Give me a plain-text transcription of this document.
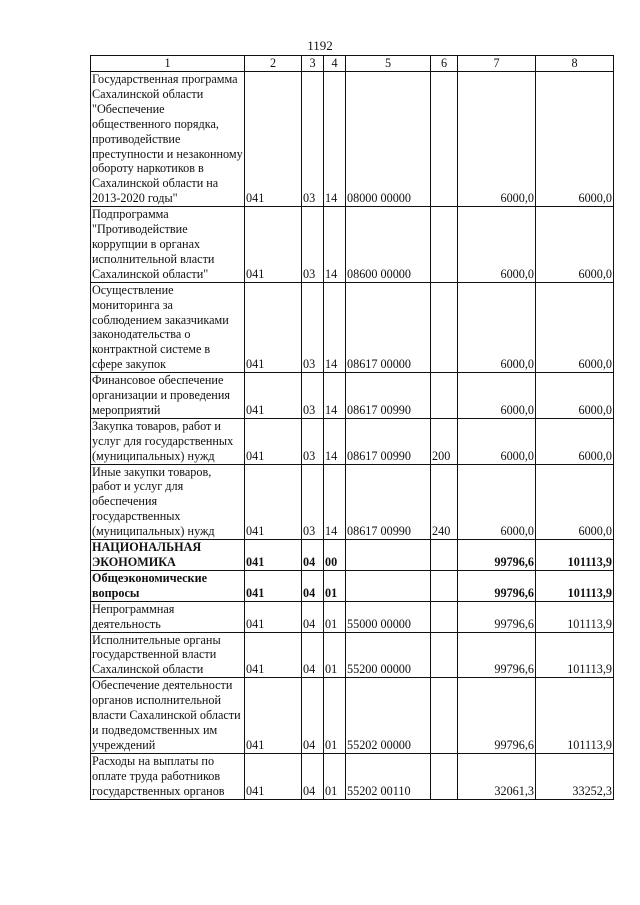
1192
1	2	3	4	5	6	7	8
Государственная программа Сахалинской области "Обеспечение общественного порядка, противодействие преступности и незаконному обороту наркотиков в Сахалинской области на 2013-2020 годы"	041	03	14	08000 00000		6000,0	6000,0
Подпрограмма "Противодействие коррупции в органах исполнительной власти Сахалинской области"	041	03	14	08600 00000		6000,0	6000,0
Осуществление мониторинга за соблюдением заказчиками законодательства о контрактной системе в сфере закупок	041	03	14	08617 00000		6000,0	6000,0
Финансовое обеспечение организации и проведения мероприятий	041	03	14	08617 00990		6000,0	6000,0
Закупка товаров, работ и услуг для государственных (муниципальных) нужд	041	03	14	08617 00990	200	6000,0	6000,0
Иные закупки товаров, работ и услуг для обеспечения государственных (муниципальных) нужд	041	03	14	08617 00990	240	6000,0	6000,0
НАЦИОНАЛЬНАЯ ЭКОНОМИКА	041	04	00			99796,6	101113,9
Общеэкономические вопросы	041	04	01			99796,6	101113,9
Непрограммная деятельность	041	04	01	55000 00000		99796,6	101113,9
Исполнительные органы государственной власти Сахалинской области	041	04	01	55200 00000		99796,6	101113,9
Обеспечение деятельности органов исполнительной власти Сахалинской области и подведомственных им учреждений	041	04	01	55202 00000		99796,6	101113,9
Расходы на выплаты по оплате труда работников государственных органов	041	04	01	55202 00110		32061,3	33252,3
